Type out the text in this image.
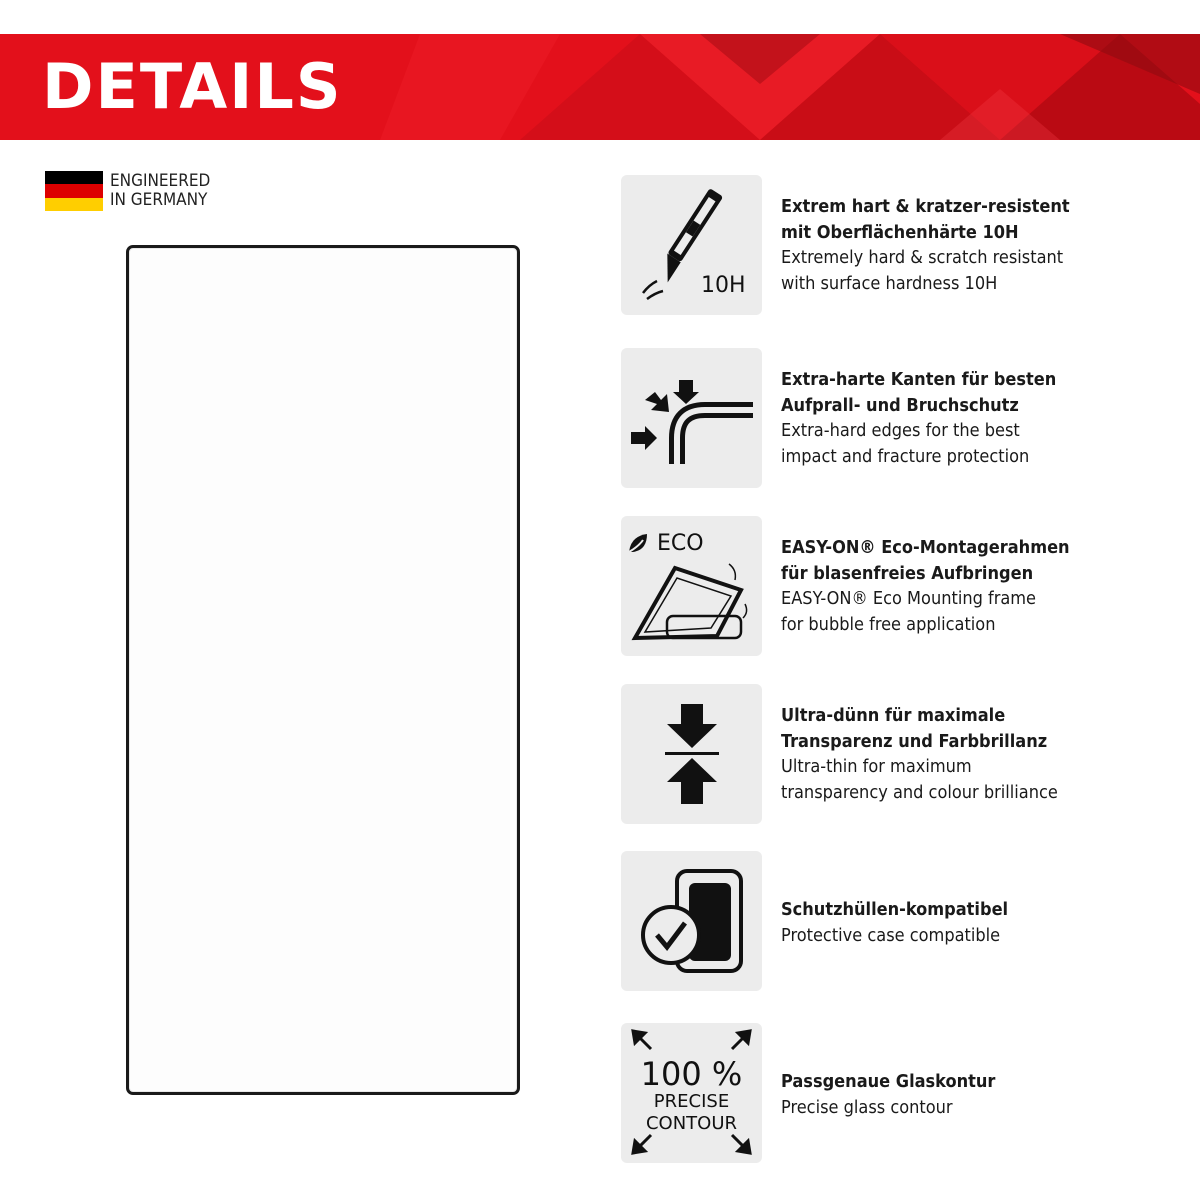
DETAILS
ENGINEERED
IN GERMANY
10H
Extrem hart & kratzer-resistent
mit Oberflächenhärte 10H
Extremely hard & scratch resistant
with surface hardness 10H
Extra-harte Kanten für besten
Aufprall- und Bruchschutz
Extra-hard edges for the best
impact and fracture protection
ECO	EASY-ON® Eco-Montagerahmen
für blasenfreies Aufbringen
EASY-ON® Eco Mounting frame
for bubble free application
Ultra-dünn für maximale
Transparenz und Farbbrillanz
Ultra-thin for maximum
transparency and colour brilliance
Schutzhüllen-kompatibel
Protective case compatible
100 %
PRECISE
CONTOUR
Passgenaue Glaskontur
Precise glass contour
